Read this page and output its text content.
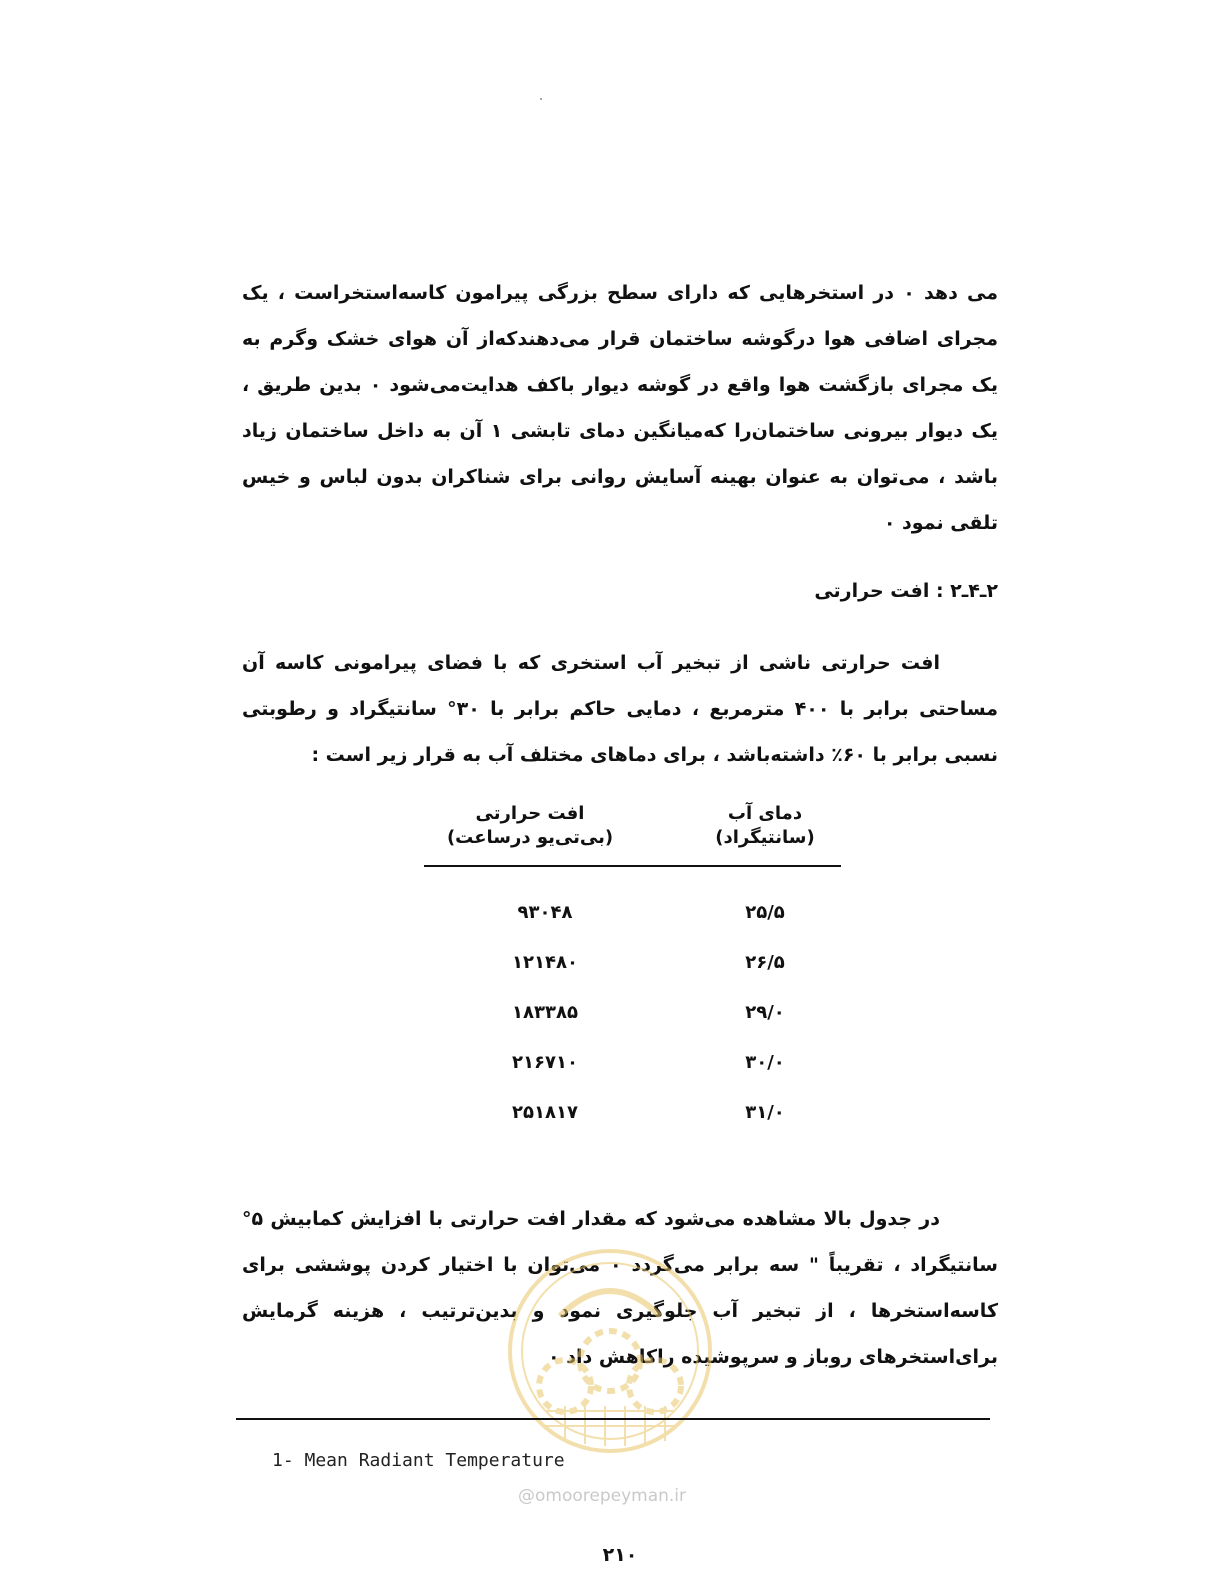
می دهد ۰ در استخرهایی که دارای سطح بزرگی پیرامون کاسه‌استخراست ، یک مجرای اضافی هوا درگوشه ساختمان قرار می‌دهندکه‌از آن هوای خشک وگرم به یک مجرای بازگشت هوا واقع در گوشه دیوار باکف هدایت‌می‌شود ۰ بدین طریق ، یک دیوار بیرونی ساختمان‌را که‌میانگین دمای تابشی ۱ آن به داخل ساختمان زیاد باشد ، می‌توان به عنوان بهینه آسایش روانی برای شناکران بدون لباس و خیس تلقی نمود ۰

۲ـ۴ـ۲ : افت حرارتی

افت حرارتی ناشی از تبخیر آب استخری که با فضای پیرامونی کاسه آن مساحتی برابر با ۴۰۰ مترمربع ، دمایی حاکم برابر با ۳۰° سانتیگراد و رطوبتی نسبی برابر با ۶۰٪ داشته‌باشد ، برای دماهای مختلف آب به قرار زیر است :

دمای آب
(سانتیگراد)
افت حرارتی
(بی‌تی‌یو درساعت)
۲۵/۵
۹۳۰۴۸
۲۶/۵
۱۲۱۴۸۰
۲۹/۰
۱۸۳۳۸۵
۳۰/۰
۲۱۶۷۱۰
۳۱/۰
۲۵۱۸۱۷

در جدول بالا مشاهده می‌شود که مقدار افت حرارتی با افزایش کمابیش ۵° سانتیگراد ، تقریباً " سه برابر می‌گردد ۰ می‌توان با اختیار کردن پوششی برای کاسه‌استخرها ، از تبخیر آب جلوگیری نمود و بدین‌ترتیب ، هزینه گرمایش برای‌استخرهای روباز و سرپوشیده راکاهش داد ۰

1- Mean Radiant Temperature
@omoorepeyman.ir
۲۱۰
